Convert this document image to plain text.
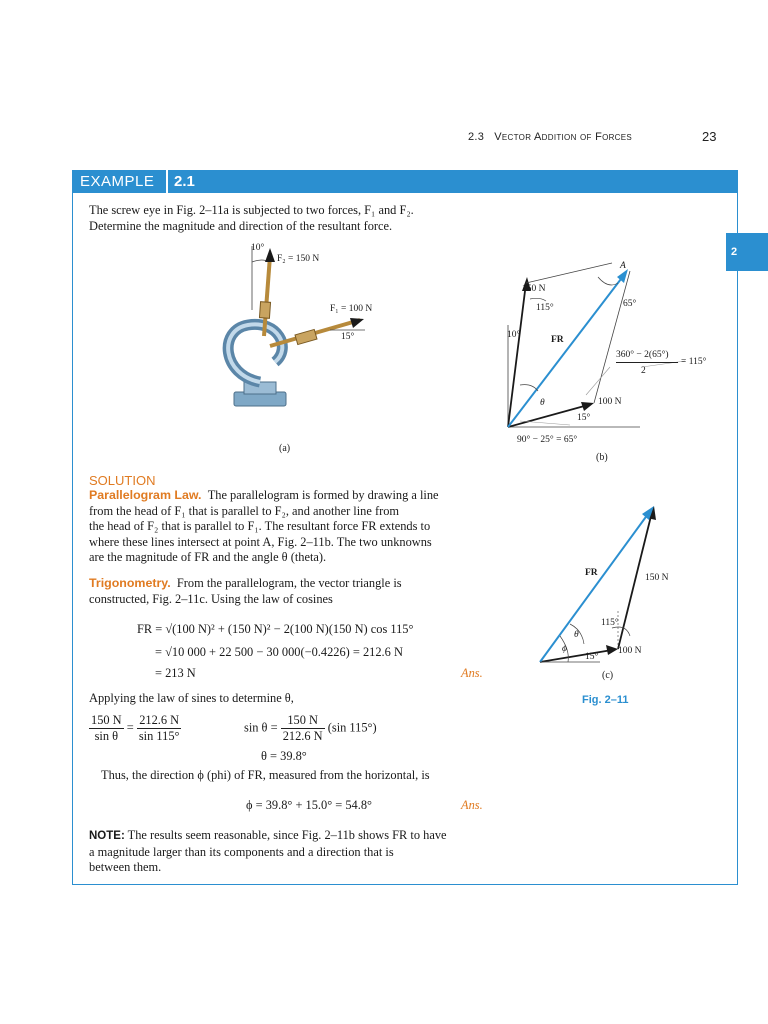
2.3 Vector Addition of Forces	23
2
EXAMPLE 2.1
The screw eye in Fig. 2–11a is subjected to two forces, F₁ and F₂.
Determine the magnitude and direction of the resultant force.
10°
F₂ = 150 N
F₁ = 100 N
15°
(a)
150 N
115°
A
65°
10°	FR
360° − 2(65°)
2
= 115°
θ	100 N
15°
90° − 25° = 65°
(b)
FR	150 N
115°
θ
ϕ
15°
100 N
(c)
Fig. 2–11
SOLUTION
Parallelogram Law. The parallelogram is formed by drawing a line
from the head of F₁ that is parallel to F₂, and another line from
the head of F₂ that is parallel to F₁. The resultant force FR extends to
where these lines intersect at point A, Fig. 2–11b. The two unknowns
are the magnitude of FR and the angle θ (theta).
Trigonometry. From the parallelogram, the vector triangle is
constructed, Fig. 2–11c. Using the law of cosines
FR = √(100 N)² + (150 N)² − 2(100 N)(150 N) cos 115°
= √10 000 + 22 500 − 30 000(−0.4226) = 212.6 N
= 213 N	Ans.
Applying the law of sines to determine θ,
$\frac{150 N}{\text{sin θ}} = \frac{212.6 N}{\sin 115^\circ}$	$\sin \theta = \frac{150 N}{212.6 N} (\sin$ 115°)
θ = 39.8°
Thus, the direction ϕ (phi) of FR, measured from the horizontal, is
ϕ = 39.8° + 15.0° = 54.8°	Ans.
NOTE: The results seem reasonable, since Fig. 2–11b shows FR to have
a magnitude larger than its components and a direction that is
between them.
